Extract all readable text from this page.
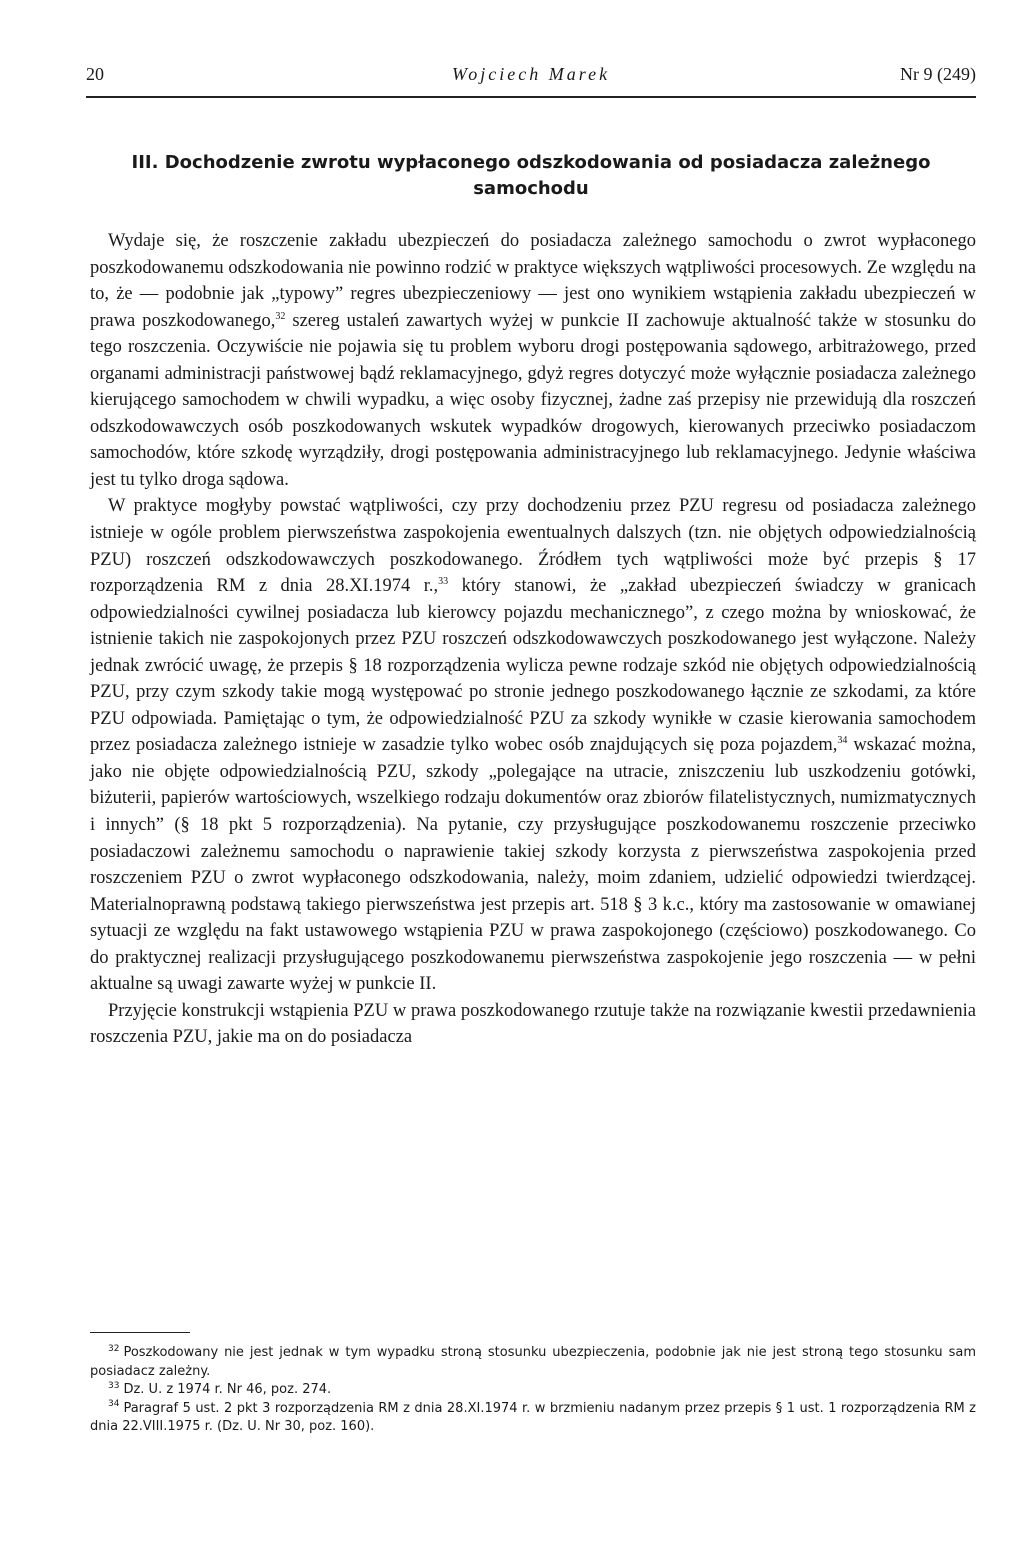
20	Wojciech Marek	Nr 9 (249)
III. Dochodzenie zwrotu wypłaconego odszkodowania od posiadacza zależnego
samochodu

Wydaje się, że roszczenie zakładu ubezpieczeń do posiadacza zależnego samochodu o zwrot wypłaconego poszkodowanemu odszkodowania nie powinno rodzić w praktyce większych wątpliwości procesowych. Ze względu na to, że — podobnie jak „typowy” regres ubezpieczeniowy — jest ono wynikiem wstąpienia zakładu ubezpieczeń w prawa poszkodowanego,$^{32}$ szereg ustaleń zawartych wyżej w punkcie II zachowuje aktualność także w stosunku do tego roszczenia. Oczywiście nie pojawia się tu problem wyboru drogi postępowania sądowego, arbitrażowego, przed organami administracji państwowej bądź reklamacyjnego, gdyż regres dotyczyć może wyłącznie posiadacza zależnego kierującego samochodem w chwili wypadku, a więc osoby fizycznej, żadne zaś przepisy nie przewidują dla roszczeń odszkodowawczych osób poszkodowanych wskutek wypadków drogowych, kierowanych przeciwko posiadaczom samochodów, które szkodę wyrządziły, drogi postępowania administracyjnego lub reklamacyjnego. Jedynie właściwa jest tu tylko droga sądowa.

W praktyce mogłyby powstać wątpliwości, czy przy dochodzeniu przez PZU regresu od posiadacza zależnego istnieje w ogóle problem pierwszeństwa zaspokojenia ewentualnych dalszych (tzn. nie objętych odpowiedzialnością PZU) roszczeń odszkodowawczych poszkodowanego. Źródłem tych wątpliwości może być przepis § 17 rozporządzenia RM z dnia 28.XI.1974 r.,$^{33}$ który stanowi, że „zakład ubezpieczeń świadczy w granicach odpowiedzialności cywilnej posiadacza lub kierowcy pojazdu mechanicznego”, z czego można by wnioskować, że istnienie takich nie zaspokojonych przez PZU roszczeń odszkodowawczych poszkodowanego jest wyłączone. Należy jednak zwrócić uwagę, że przepis § 18 rozporządzenia wylicza pewne rodzaje szkód nie objętych odpowiedzialnością PZU, przy czym szkody takie mogą występować po stronie jednego poszkodowanego łącznie ze szkodami, za które PZU odpowiada. Pamiętając o tym, że odpowiedzialność PZU za szkody wynikłe w czasie kierowania samochodem przez posiadacza zależnego istnieje w zasadzie tylko wobec osób znajdujących się poza pojazdem,$^{34}$ wskazać można, jako nie objęte odpowiedzialnością PZU, szkody „polegające na utracie, zniszczeniu lub uszkodzeniu gotówki, biżuterii, papierów wartościowych, wszelkiego rodzaju dokumentów oraz zbiorów filatelistycznych, numizmatycznych i innych” (§ 18 pkt 5 rozporządzenia). Na pytanie, czy przysługujące poszkodowanemu roszczenie przeciwko posiadaczowi zależnemu samochodu o naprawienie takiej szkody korzysta z pierwszeństwa zaspokojenia przed roszczeniem PZU o zwrot wypłaconego odszkodowania, należy, moim zdaniem, udzielić odpowiedzi twierdzącej. Materialnoprawną podstawą takiego pierwszeństwa jest przepis art. 518 § 3 k.c., który ma zastosowanie w omawianej sytuacji ze względu na fakt ustawowego wstąpienia PZU w prawa zaspokojonego (częściowo) poszkodowanego. Co do praktycznej realizacji przysługującego poszkodowanemu pierwszeństwa zaspokojenie jego roszczenia — w pełni aktualne są uwagi zawarte wyżej w punkcie II.

Przyjęcie konstrukcji wstąpienia PZU w prawa poszkodowanego rzutuje także na rozwiązanie kwestii przedawnienia roszczenia PZU, jakie ma on do posiadacza

$^{32}$ Poszkodowany nie jest jednak w tym wypadku stroną stosunku ubezpieczenia, podobnie jak nie jest stroną tego stosunku sam posiadacz zależny.

$^{33}$ Dz. U. z 1974 r. Nr 46, poz. 274.

$^{34}$ Paragraf 5 ust. 2 pkt 3 rozporządzenia RM z dnia 28.XI.1974 r. w brzmieniu nadanym przez przepis § 1 ust. 1 rozporządzenia RM z dnia 22.VIII.1975 r. (Dz. U. Nr 30, poz. 160).
